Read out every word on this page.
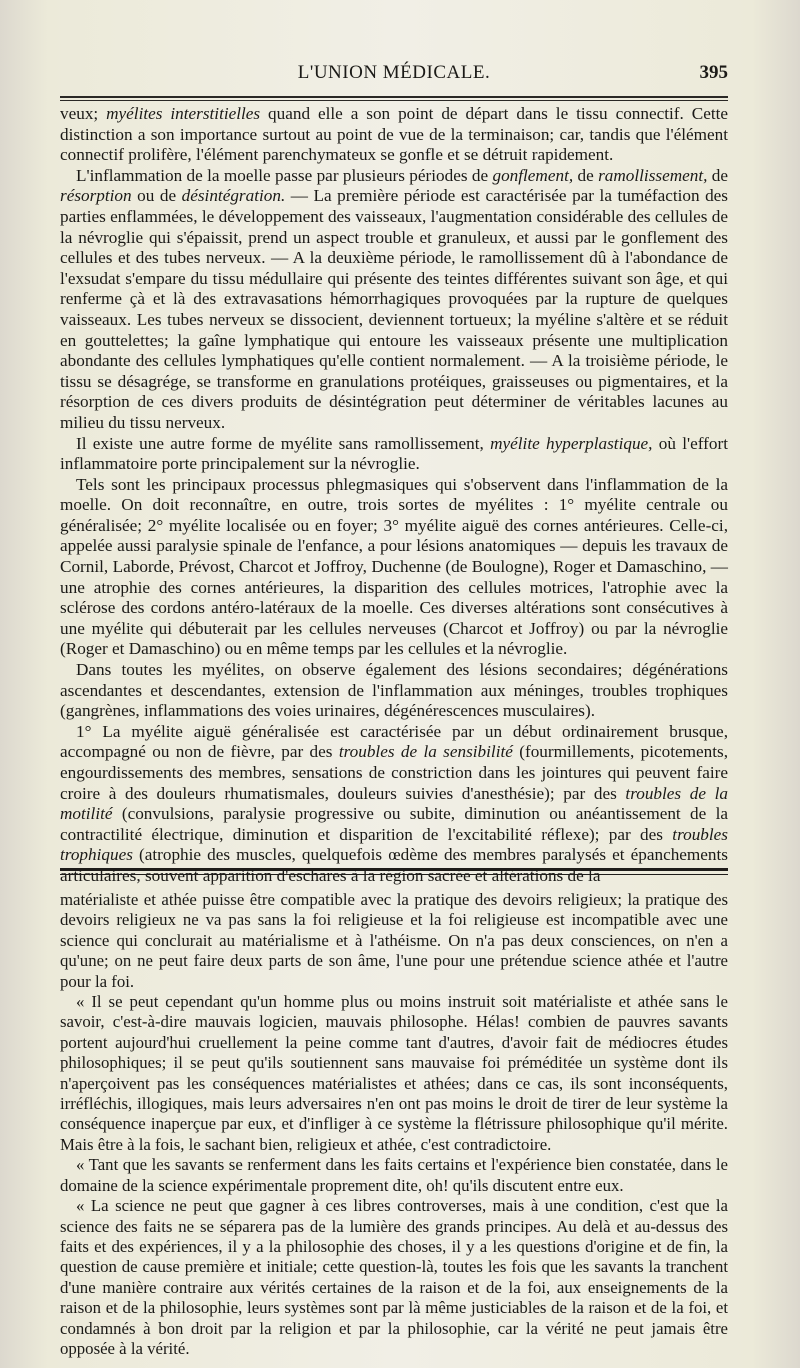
L'UNION MÉDICALE.	395

veux; myélites interstitielles quand elle a son point de départ dans le tissu connectif. Cette distinction a son importance surtout au point de vue de la terminaison; car, tandis que l'élément connectif prolifère, l'élément parenchymateux se gonfle et se détruit rapidement.

L'inflammation de la moelle passe par plusieurs périodes de gonflement, de ramollissement, de résorption ou de désintégration. — La première période est caractérisée par la tuméfaction des parties enflammées, le développement des vaisseaux, l'augmentation considérable des cellules de la névroglie qui s'épaissit, prend un aspect trouble et granuleux, et aussi par le gonflement des cellules et des tubes nerveux. — A la deuxième période, le ramollissement dû à l'abondance de l'exsudat s'empare du tissu médullaire qui présente des teintes différentes suivant son âge, et qui renferme çà et là des extravasations hémorrhagiques provoquées par la rupture de quelques vaisseaux. Les tubes nerveux se dissocient, deviennent tortueux; la myéline s'altère et se réduit en gouttelettes; la gaîne lymphatique qui entoure les vaisseaux présente une multiplication abondante des cellules lymphatiques qu'elle contient normalement. — A la troisième période, le tissu se désagrége, se transforme en granulations protéiques, graisseuses ou pigmentaires, et la résorption de ces divers produits de désintégration peut déterminer de véritables lacunes au milieu du tissu nerveux.

Il existe une autre forme de myélite sans ramollissement, myélite hyperplastique, où l'effort inflammatoire porte principalement sur la névroglie.

Tels sont les principaux processus phlegmasiques qui s'observent dans l'inflammation de la moelle. On doit reconnaître, en outre, trois sortes de myélites : 1° myélite centrale ou généralisée; 2° myélite localisée ou en foyer; 3° myélite aiguë des cornes antérieures. Celle-ci, appelée aussi paralysie spinale de l'enfance, a pour lésions anatomiques — depuis les travaux de Cornil, Laborde, Prévost, Charcot et Joffroy, Duchenne (de Boulogne), Roger et Damaschino, — une atrophie des cornes antérieures, la disparition des cellules motrices, l'atrophie avec la sclérose des cordons antéro-latéraux de la moelle. Ces diverses altérations sont consécutives à une myélite qui débuterait par les cellules nerveuses (Charcot et Joffroy) ou par la névroglie (Roger et Damaschino) ou en même temps par les cellules et la névroglie.

Dans toutes les myélites, on observe également des lésions secondaires; dégénérations ascendantes et descendantes, extension de l'inflammation aux méninges, troubles trophiques (gangrènes, inflammations des voies urinaires, dégénérescences musculaires).

1° La myélite aiguë généralisée est caractérisée par un début ordinairement brusque, accompagné ou non de fièvre, par des troubles de la sensibilité (fourmillements, picotements, engourdissements des membres, sensations de constriction dans les jointures qui peuvent faire croire à des douleurs rhumatismales, douleurs suivies d'anesthésie); par des troubles de la motilité (convulsions, paralysie progressive ou subite, diminution ou anéantissement de la contractilité électrique, diminution et disparition de l'excitabilité réflexe); par des troubles trophiques (atrophie des muscles, quelquefois œdème des membres paralysés et épanchements articulaires, souvent apparition d'eschares à la région sacrée et altérations de la

matérialiste et athée puisse être compatible avec la pratique des devoirs religieux; la pratique des devoirs religieux ne va pas sans la foi religieuse et la foi religieuse est incompatible avec une science qui conclurait au matérialisme et à l'athéisme. On n'a pas deux consciences, on n'en a qu'une; on ne peut faire deux parts de son âme, l'une pour une prétendue science athée et l'autre pour la foi.

« Il se peut cependant qu'un homme plus ou moins instruit soit matérialiste et athée sans le savoir, c'est-à-dire mauvais logicien, mauvais philosophe. Hélas! combien de pauvres savants portent aujourd'hui cruellement la peine comme tant d'autres, d'avoir fait de médiocres études philosophiques; il se peut qu'ils soutiennent sans mauvaise foi préméditée un système dont ils n'aperçoivent pas les conséquences matérialistes et athées; dans ce cas, ils sont inconséquents, irréfléchis, illogiques, mais leurs adversaires n'en ont pas moins le droit de tirer de leur système la conséquence inaperçue par eux, et d'infliger à ce système la flétrissure philosophique qu'il mérite. Mais être à la fois, le sachant bien, religieux et athée, c'est contradictoire.

« Tant que les savants se renferment dans les faits certains et l'expérience bien constatée, dans le domaine de la science expérimentale proprement dite, oh! qu'ils discutent entre eux.

« La science ne peut que gagner à ces libres controverses, mais à une condition, c'est que la science des faits ne se séparera pas de la lumière des grands principes. Au delà et au-dessus des faits et des expériences, il y a la philosophie des choses, il y a les questions d'origine et de fin, la question de cause première et initiale; cette question-là, toutes les fois que les savants la tranchent d'une manière contraire aux vérités certaines de la raison et de la foi, aux enseignements de la raison et de la philosophie, leurs systèmes sont par là même justiciables de la raison et de la foi, et condamnés à bon droit par la religion et par la philosophie, car la vérité ne peut jamais être opposée à la vérité.
